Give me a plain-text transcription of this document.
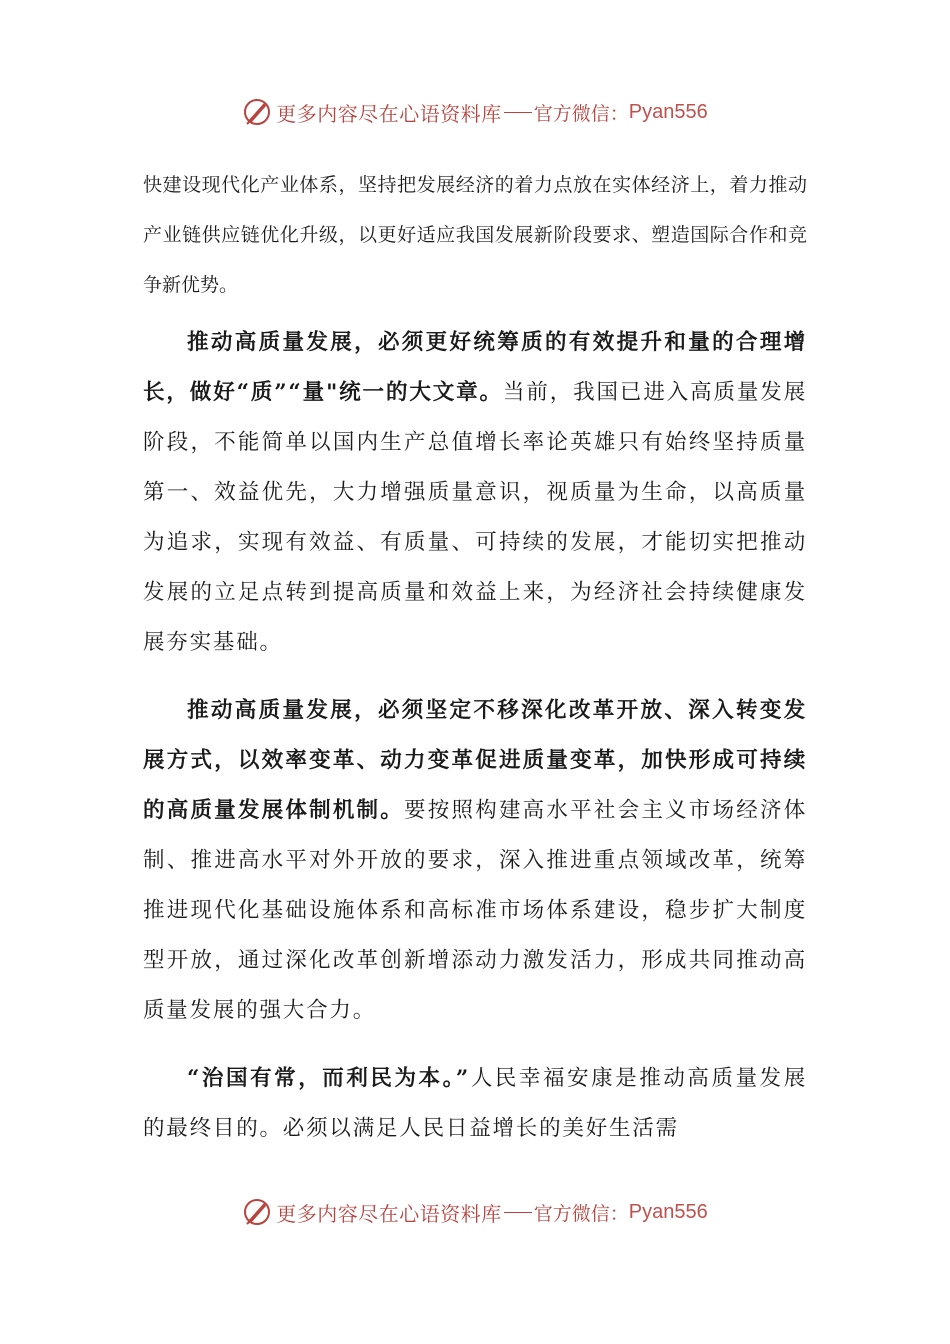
更多内容尽在心语资料库 官方微信： Pyan556
快建设现代化产业体系，坚持把发展经济的着力点放在实体经济上，着力推动产业链供应链优化升级，以更好适应我国发展新阶段要求、塑造国际合作和竞争新优势。
推动高质量发展，必须更好统筹质的有效提升和量的合理增长，做好“质”“量"统一的大文章。当前，我国已进入高质量发展阶段，不能简单以国内生产总值增长率论英雄只有始终坚持质量第一、效益优先，大力增强质量意识，视质量为生命，以高质量为追求，实现有效益、有质量、可持续的发展，才能切实把推动发展的立足点转到提高质量和效益上来，为经济社会持续健康发展夯实基础。
推动高质量发展，必须坚定不移深化改革开放、深入转变发展方式，以效率变革、动力变革促进质量变革，加快形成可持续的高质量发展体制机制。要按照构建高水平社会主义市场经济体制、推进高水平对外开放的要求，深入推进重点领域改革，统筹推进现代化基础设施体系和高标准市场体系建设，稳步扩大制度型开放，通过深化改革创新增添动力激发活力，形成共同推动高质量发展的强大合力。
“治国有常，而利民为本。”人民幸福安康是推动高质量发展的最终目的。必须以满足人民日益增长的美好生活需
更多内容尽在心语资料库 官方微信： Pyan556
